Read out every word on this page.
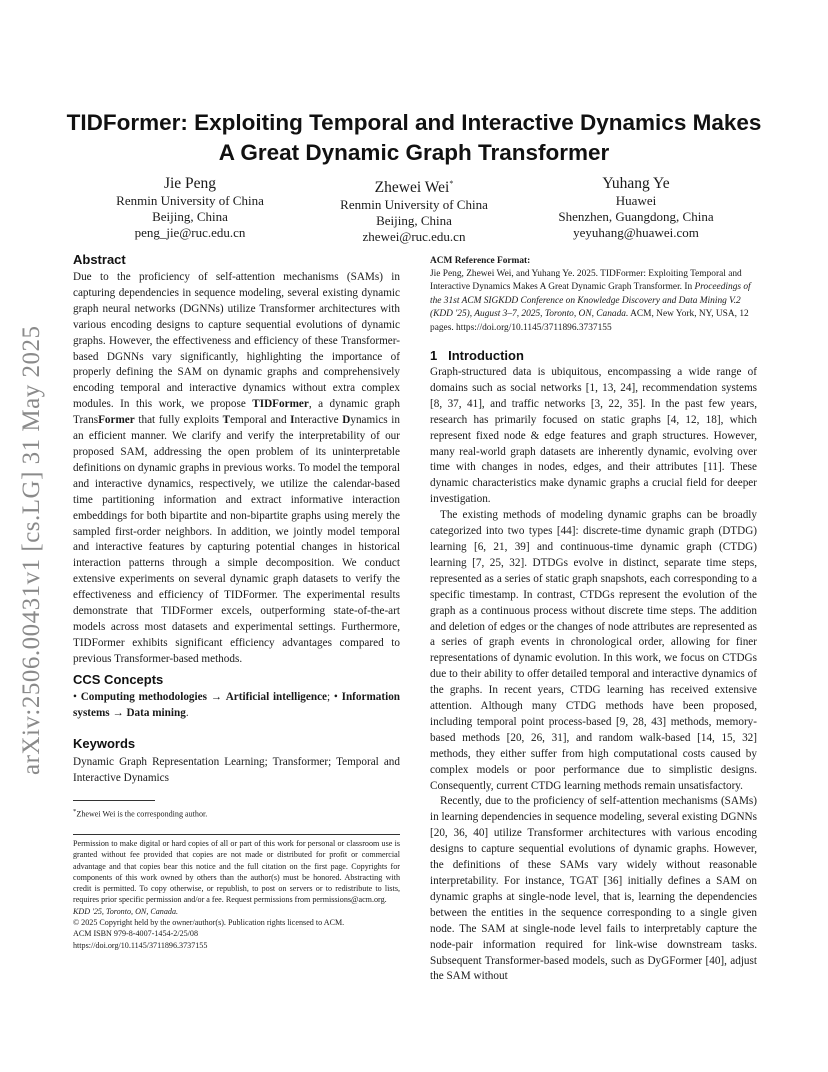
arXiv:2506.00431v1 [cs.LG] 31 May 2025
TIDFormer: Exploiting Temporal and Interactive Dynamics Makes
A Great Dynamic Graph Transformer
Jie Peng
Renmin University of China
Beijing, China
peng_jie@ruc.edu.cn
Zhewei Wei*
Renmin University of China
Beijing, China
zhewei@ruc.edu.cn
Yuhang Ye
Huawei
Shenzhen, Guangdong, China
yeyuhang@huawei.com
Abstract

Due to the proficiency of self-attention mechanisms (SAMs) in capturing dependencies in sequence modeling, several existing dynamic graph neural networks (DGNNs) utilize Transformer architectures with various encoding designs to capture sequential evolutions of dynamic graphs. However, the effectiveness and efficiency of these Transformer-based DGNNs vary significantly, highlighting the importance of properly defining the SAM on dynamic graphs and comprehensively encoding temporal and interactive dynamics without extra complex modules. In this work, we propose TIDFormer, a dynamic graph TransFormer that fully exploits Temporal and Interactive Dynamics in an efficient manner. We clarify and verify the interpretability of our proposed SAM, addressing the open problem of its uninterpretable definitions on dynamic graphs in previous works. To model the temporal and interactive dynamics, respectively, we utilize the calendar-based time partitioning information and extract informative interaction embeddings for both bipartite and non-bipartite graphs using merely the sampled first-order neighbors. In addition, we jointly model temporal and interactive features by capturing potential changes in historical interaction patterns through a simple decomposition. We conduct extensive experiments on several dynamic graph datasets to verify the effectiveness and efficiency of TIDFormer. The experimental results demonstrate that TIDFormer excels, outperforming state-of-the-art models across most datasets and experimental settings. Furthermore, TIDFormer exhibits significant efficiency advantages compared to previous Transformer-based methods.

CCS Concepts

• Computing methodologies → Artificial intelligence; • Information systems → Data mining.

Keywords

Dynamic Graph Representation Learning; Transformer; Temporal and Interactive Dynamics

*Zhewei Wei is the corresponding author.

Permission to make digital or hard copies of all or part of this work for personal or classroom use is granted without fee provided that copies are not made or distributed for profit or commercial advantage and that copies bear this notice and the full citation on the first page. Copyrights for components of this work owned by others than the author(s) must be honored. Abstracting with credit is permitted. To copy otherwise, or republish, to post on servers or to redistribute to lists, requires prior specific permission and/or a fee. Request permissions from permissions@acm.org.

KDD '25, Toronto, ON, Canada.

© 2025 Copyright held by the owner/author(s). Publication rights licensed to ACM.

ACM ISBN 979-8-4007-1454-2/25/08

https://doi.org/10.1145/3711896.3737155

ACM Reference Format:
Jie Peng, Zhewei Wei, and Yuhang Ye. 2025. TIDFormer: Exploiting Temporal and Interactive Dynamics Makes A Great Dynamic Graph Transformer. In Proceedings of the 31st ACM SIGKDD Conference on Knowledge Discovery and Data Mining V.2 (KDD '25), August 3–7, 2025, Toronto, ON, Canada. ACM, New York, NY, USA, 12 pages. https://doi.org/10.1145/3711896.3737155
1 Introduction

Graph-structured data is ubiquitous, encompassing a wide range of domains such as social networks [1, 13, 24], recommendation systems [8, 37, 41], and traffic networks [3, 22, 35]. In the past few years, research has primarily focused on static graphs [4, 12, 18], which represent fixed node & edge features and graph structures. However, many real-world graph datasets are inherently dynamic, evolving over time with changes in nodes, edges, and their attributes [11]. These dynamic characteristics make dynamic graphs a crucial field for deeper investigation.

The existing methods of modeling dynamic graphs can be broadly categorized into two types [44]: discrete-time dynamic graph (DTDG) learning [6, 21, 39] and continuous-time dynamic graph (CTDG) learning [7, 25, 32]. DTDGs evolve in distinct, separate time steps, represented as a series of static graph snapshots, each corresponding to a specific timestamp. In contrast, CTDGs represent the evolution of the graph as a continuous process without discrete time steps. The addition and deletion of edges or the changes of node attributes are represented as a series of graph events in chronological order, allowing for finer representations of dynamic evolution. In this work, we focus on CTDGs due to their ability to offer detailed temporal and interactive dynamics of the graphs. In recent years, CTDG learning has received extensive attention. Although many CTDG methods have been proposed, including temporal point process-based [9, 28, 43] methods, memory-based methods [20, 26, 31], and random walk-based [14, 15, 32] methods, they either suffer from high computational costs caused by complex models or poor performance due to simplistic designs. Consequently, current CTDG learning methods remain unsatisfactory.

Recently, due to the proficiency of self-attention mechanisms (SAMs) in learning dependencies in sequence modeling, several existing DGNNs [20, 36, 40] utilize Transformer architectures with various encoding designs to capture sequential evolutions of dynamic graphs. However, the definitions of these SAMs vary widely without reasonable interpretability. For instance, TGAT [36] initially defines a SAM on dynamic graphs at single-node level, that is, learning the dependencies between the entities in the sequence corresponding to a single given node. The SAM at single-node level fails to interpretably capture the node-pair information required for link-wise downstream tasks. Subsequent Transformer-based models, such as DyGFormer [40], adjust the SAM without
